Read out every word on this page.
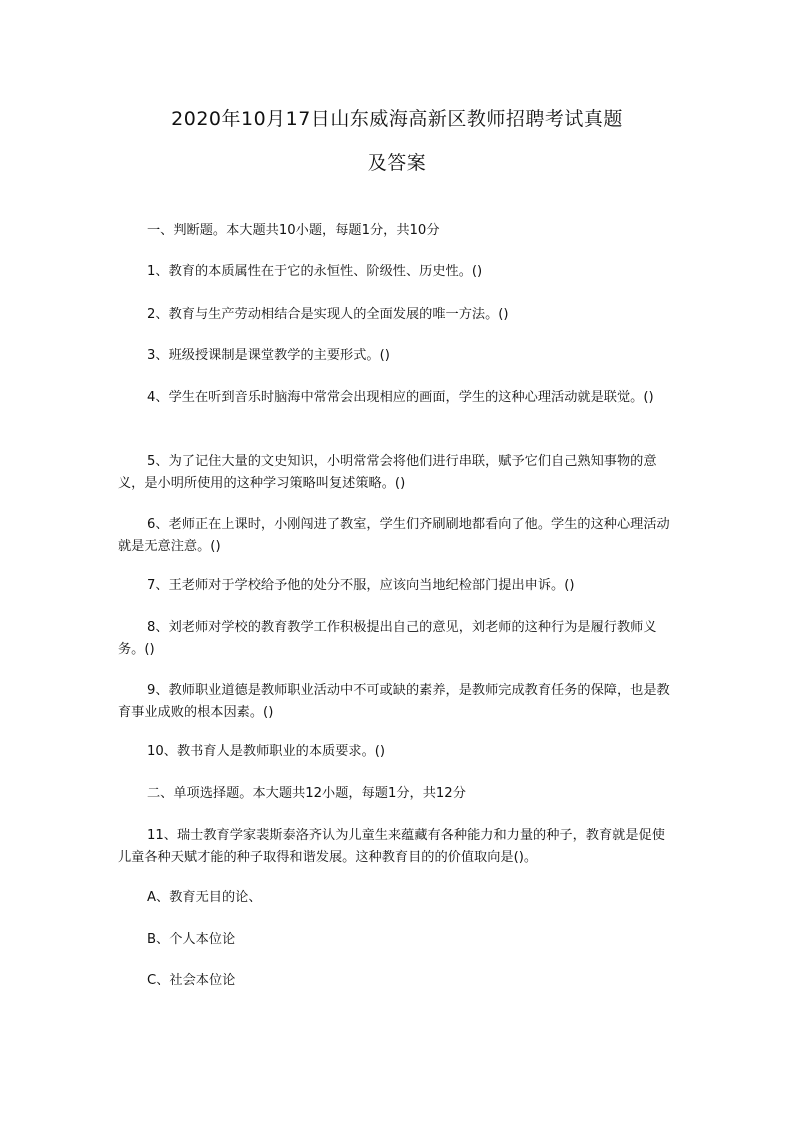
2020年10月17日山东威海高新区教师招聘考试真题
及答案
一、判断题。本大题共10小题，每题1分，共10分
1、教育的本质属性在于它的永恒性、阶级性、历史性。()
2、教育与生产劳动相结合是实现人的全面发展的唯一方法。()
3、班级授课制是课堂教学的主要形式。()
4、学生在听到音乐时脑海中常常会出现相应的画面，学生的这种心理活动就是联觉。()
5、为了记住大量的文史知识，小明常常会将他们进行串联，赋予它们自己熟知事物的意义，是小明所使用的这种学习策略叫复述策略。()
6、老师正在上课时，小刚闯进了教室，学生们齐刷刷地都看向了他。学生的这种心理活动就是无意注意。()
7、王老师对于学校给予他的处分不服，应该向当地纪检部门提出申诉。()
8、刘老师对学校的教育教学工作积极提出自己的意见，刘老师的这种行为是履行教师义务。()
9、教师职业道德是教师职业活动中不可或缺的素养，是教师完成教育任务的保障，也是教育事业成败的根本因素。()
10、教书育人是教师职业的本质要求。()
二、单项选择题。本大题共12小题，每题1分，共12分
11、瑞士教育学家裴斯泰洛齐认为儿童生来蕴藏有各种能力和力量的种子，教育就是促使儿童各种天赋才能的种子取得和谐发展。这种教育目的的价值取向是()。
A、教育无目的论、
B、个人本位论
C、社会本位论
